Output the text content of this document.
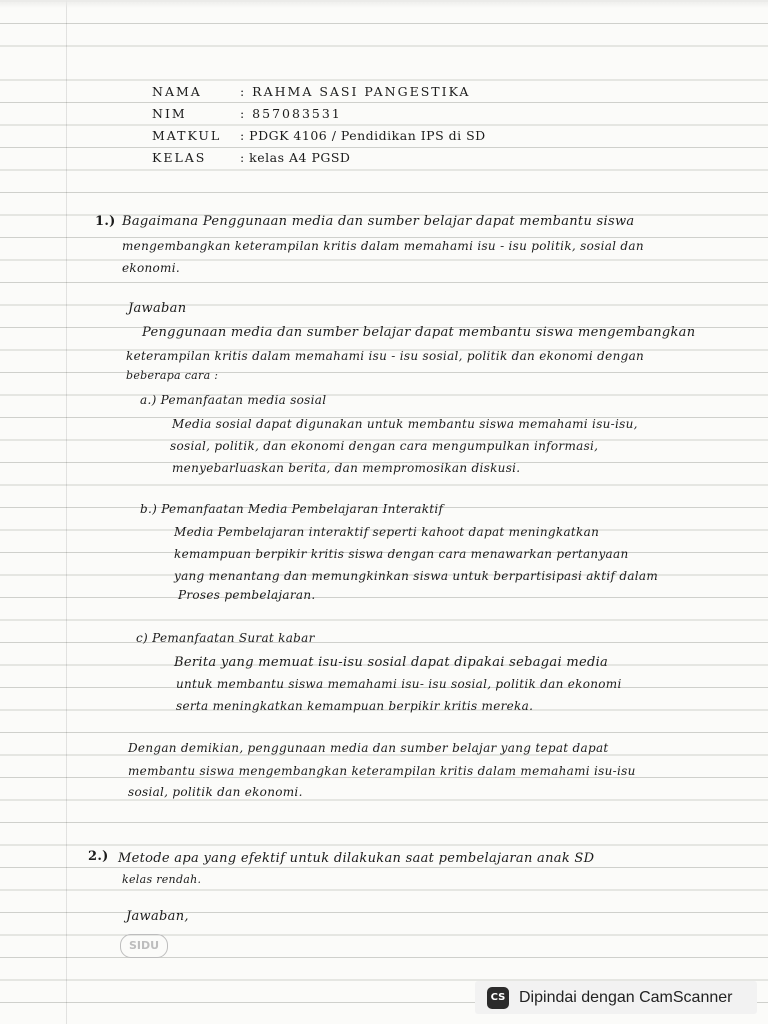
NAMA	: RAHMA SASI PANGESTIKA
NIM	: 857083531
MATKUL : PDGK 4106 / Pendidikan IPS di SD
KELAS	: kelas A4 PGSD
1.) Bagaimana Penggunaan media dan sumber belajar dapat membantu siswa
mengembangkan keterampilan kritis dalam memahami isu - isu politik, sosial dan
ekonomi.
Jawaban
Penggunaan media dan sumber belajar dapat membantu siswa mengembangkan
keterampilan kritis dalam memahami isu - isu sosial, politik dan ekonomi dengan
beberapa cara :
a.) Pemanfaatan media sosial
Media sosial dapat digunakan untuk membantu siswa memahami isu-isu,
sosial, politik, dan ekonomi dengan cara mengumpulkan informasi,
menyebarluaskan berita, dan mempromosikan diskusi.
b.) Pemanfaatan Media Pembelajaran Interaktif
Media Pembelajaran interaktif seperti kahoot dapat meningkatkan
kemampuan berpikir kritis siswa dengan cara menawarkan pertanyaan
yang menantang dan memungkinkan siswa untuk berpartisipasi aktif dalam
Proses pembelajaran.
c) Pemanfaatan Surat kabar
Berita yang memuat isu-isu sosial dapat dipakai sebagai media
untuk membantu siswa memahami isu- isu sosial, politik dan ekonomi
serta meningkatkan kemampuan berpikir kritis mereka.
Dengan demikian, penggunaan media dan sumber belajar yang tepat dapat
membantu siswa mengembangkan keterampilan kritis dalam memahami isu-isu
sosial, politik dan ekonomi.
2.) Metode apa yang efektif untuk dilakukan saat pembelajaran anak SD
kelas rendah.
Jawaban,
SIDU
CS Dipindai dengan CamScanner
